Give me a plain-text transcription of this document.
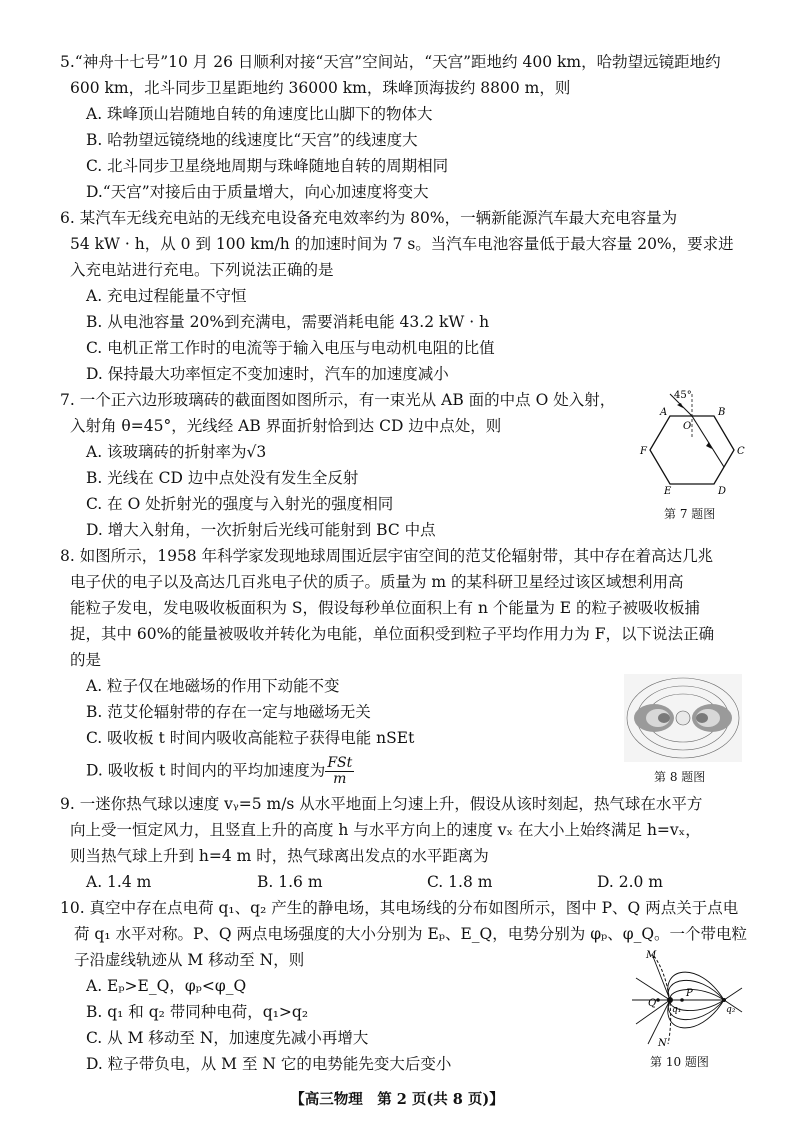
5.“神舟十七号”10 月 26 日顺利对接“天宫”空间站，“天宫”距地约 400 km，哈勃望远镜距地约
600 km，北斗同步卫星距地约 36000 km，珠峰顶海拔约 8800 m，则
A. 珠峰顶山岩随地自转的角速度比山脚下的物体大
B. 哈勃望远镜绕地的线速度比“天宫”的线速度大
C. 北斗同步卫星绕地周期与珠峰随地自转的周期相同
D.“天宫”对接后由于质量增大，向心加速度将变大
6. 某汽车无线充电站的无线充电设备充电效率约为 80%，一辆新能源汽车最大充电容量为
54 kW · h，从 0 到 100 km/h 的加速时间为 7 s。当汽车电池容量低于最大容量 20%，要求进
入充电站进行充电。下列说法正确的是
A. 充电过程能量不守恒
B. 从电池容量 20%到充满电，需要消耗电能 43.2 kW · h
C. 电机正常工作时的电流等于输入电压与电动机电阻的比值
D. 保持最大功率恒定不变加速时，汽车的加速度减小
7. 一个正六边形玻璃砖的截面图如图所示，有一束光从 AB 面的中点 O 处入射，
入射角 θ=45°，光线经 AB 界面折射恰到达 CD 边中点处，则
A. 该玻璃砖的折射率为√3
B. 光线在 CD 边中点处没有发生全反射
C. 在 O 处折射光的强度与入射光的强度相同
D. 增大入射角，一次折射后光线可能射到 BC 中点
45°
A	B
C
D
E
F
O
第 7 题图
8. 如图所示，1958 年科学家发现地球周围近层宇宙空间的范艾伦辐射带，其中存在着高达几兆
电子伏的电子以及高达几百兆电子伏的质子。质量为 m 的某科研卫星经过该区域想利用高
能粒子发电，发电吸收板面积为 S，假设每秒单位面积上有 n 个能量为 E 的粒子被吸收板捕
捉，其中 60%的能量被吸收并转化为电能，单位面积受到粒子平均作用力为 F，以下说法正确
的是
A. 粒子仅在地磁场的作用下动能不变
B. 范艾伦辐射带的存在一定与地磁场无关
C. 吸收板 t 时间内吸收高能粒子获得电能 nSEt
D. 吸收板 t 时间内的平均加速度为 $\frac{\text{FSt}}{m}$	第 8 题图
9. 一迷你热气球以速度 vᵧ=5 m/s 从水平地面上匀速上升，假设从该时刻起，热气球在水平方
向上受一恒定风力，且竖直上升的高度 h 与水平方向上的速度 vₓ 在大小上始终满足 h=vₓ，
则当热气球上升到 h=4 m 时，热气球离出发点的水平距离为
A. 1.4 m	B. 1.6 m	C. 1.8 m	D. 2.0 m
10. 真空中存在点电荷 q₁、q₂ 产生的静电场，其电场线的分布如图所示，图中 P、Q 两点关于点电
荷 q₁ 水平对称。P、Q 两点电场强度的大小分别为 Eₚ、E_Q，电势分别为 φₚ、φ_Q。一个带电粒
子沿虚线轨迹从 M 移动至 N，则
A. Eₚ>E_Q，φₚ<φ_Q
B. q₁ 和 q₂ 带同种电荷，q₁>q₂
C. 从 M 移动至 N，加速度先减小再增大
D. 粒子带负电，从 M 至 N 它的电势能先变大后变小
M
N
P
Q
q₁	q₂
第 10 题图
【高三物理　第 2 页(共 8 页)】
